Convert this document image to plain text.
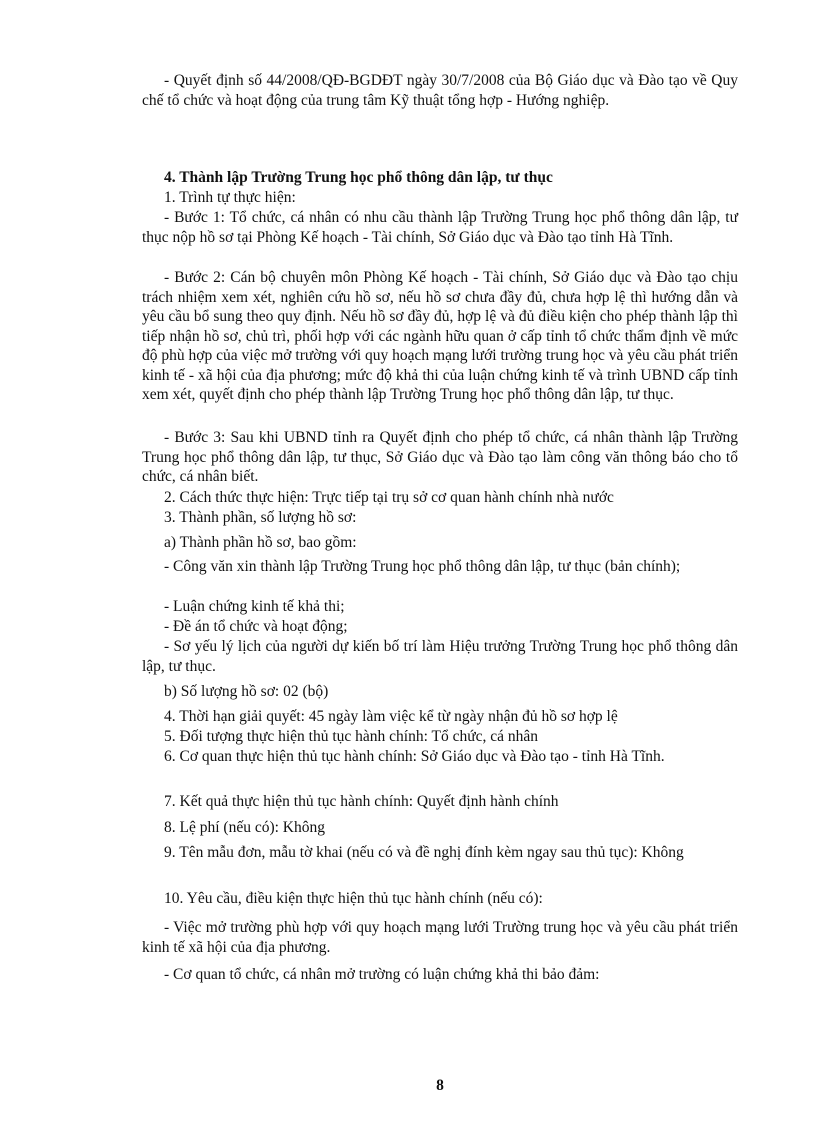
- Quyết định số 44/2008/QĐ-BGDĐT ngày 30/7/2008 của Bộ Giáo dục và Đào tạo về Quy chế tổ chức và hoạt động của trung tâm Kỹ thuật tổng hợp - Hướng nghiệp.

4. Thành lập Trường Trung học phổ thông dân lập, tư thục

1. Trình tự thực hiện:

- Bước 1: Tổ chức, cá nhân có nhu cầu thành lập Trường Trung học phổ thông dân lập, tư thục nộp hồ sơ tại Phòng Kế hoạch - Tài chính, Sở Giáo dục và Đào tạo tỉnh Hà Tĩnh.

- Bước 2: Cán bộ chuyên môn Phòng Kế hoạch - Tài chính, Sở Giáo dục và Đào tạo chịu trách nhiệm xem xét, nghiên cứu hồ sơ, nếu hồ sơ chưa đầy đủ, chưa hợp lệ thì hướng dẫn và yêu cầu bổ sung theo quy định. Nếu hồ sơ đầy đủ, hợp lệ và đủ điều kiện cho phép thành lập thì tiếp nhận hồ sơ, chủ trì, phối hợp với các ngành hữu quan ở cấp tỉnh tổ chức thẩm định về mức độ phù hợp của việc mở trường với quy hoạch mạng lưới trường trung học và yêu cầu phát triển kinh tế - xã hội của địa phương; mức độ khả thi của luận chứng kinh tế và trình UBND cấp tỉnh xem xét, quyết định cho phép thành lập Trường Trung học phổ thông dân lập, tư thục.

- Bước 3: Sau khi UBND tỉnh ra Quyết định cho phép tổ chức, cá nhân thành lập Trường Trung học phổ thông dân lập, tư thục, Sở Giáo dục và Đào tạo làm công văn thông báo cho tổ chức, cá nhân biết.

2. Cách thức thực hiện: Trực tiếp tại trụ sở cơ quan hành chính nhà nước

3. Thành phần, số lượng hồ sơ:

a) Thành phần hồ sơ, bao gồm:

- Công văn xin thành lập Trường Trung học phổ thông dân lập, tư thục (bản chính);

- Luận chứng kinh tế khả thi;

- Đề án tổ chức và hoạt động;

- Sơ yếu lý lịch của người dự kiến bố trí làm Hiệu trưởng Trường Trung học phổ thông dân lập, tư thục.

b) Số lượng hồ sơ: 02 (bộ)

4. Thời hạn giải quyết: 45 ngày làm việc kể từ ngày nhận đủ hồ sơ hợp lệ

5. Đối tượng thực hiện thủ tục hành chính: Tổ chức, cá nhân

6. Cơ quan thực hiện thủ tục hành chính: Sở Giáo dục và Đào tạo - tỉnh Hà Tĩnh.

7. Kết quả thực hiện thủ tục hành chính: Quyết định hành chính

8. Lệ phí (nếu có): Không

9. Tên mẫu đơn, mẫu tờ khai (nếu có và đề nghị đính kèm ngay sau thủ tục): Không

10. Yêu cầu, điều kiện thực hiện thủ tục hành chính (nếu có):

- Việc mở trường phù hợp với quy hoạch mạng lưới Trường trung học và yêu cầu phát triển kinh tế xã hội của địa phương.

- Cơ quan tổ chức, cá nhân mở trường có luận chứng khả thi bảo đảm:

8
